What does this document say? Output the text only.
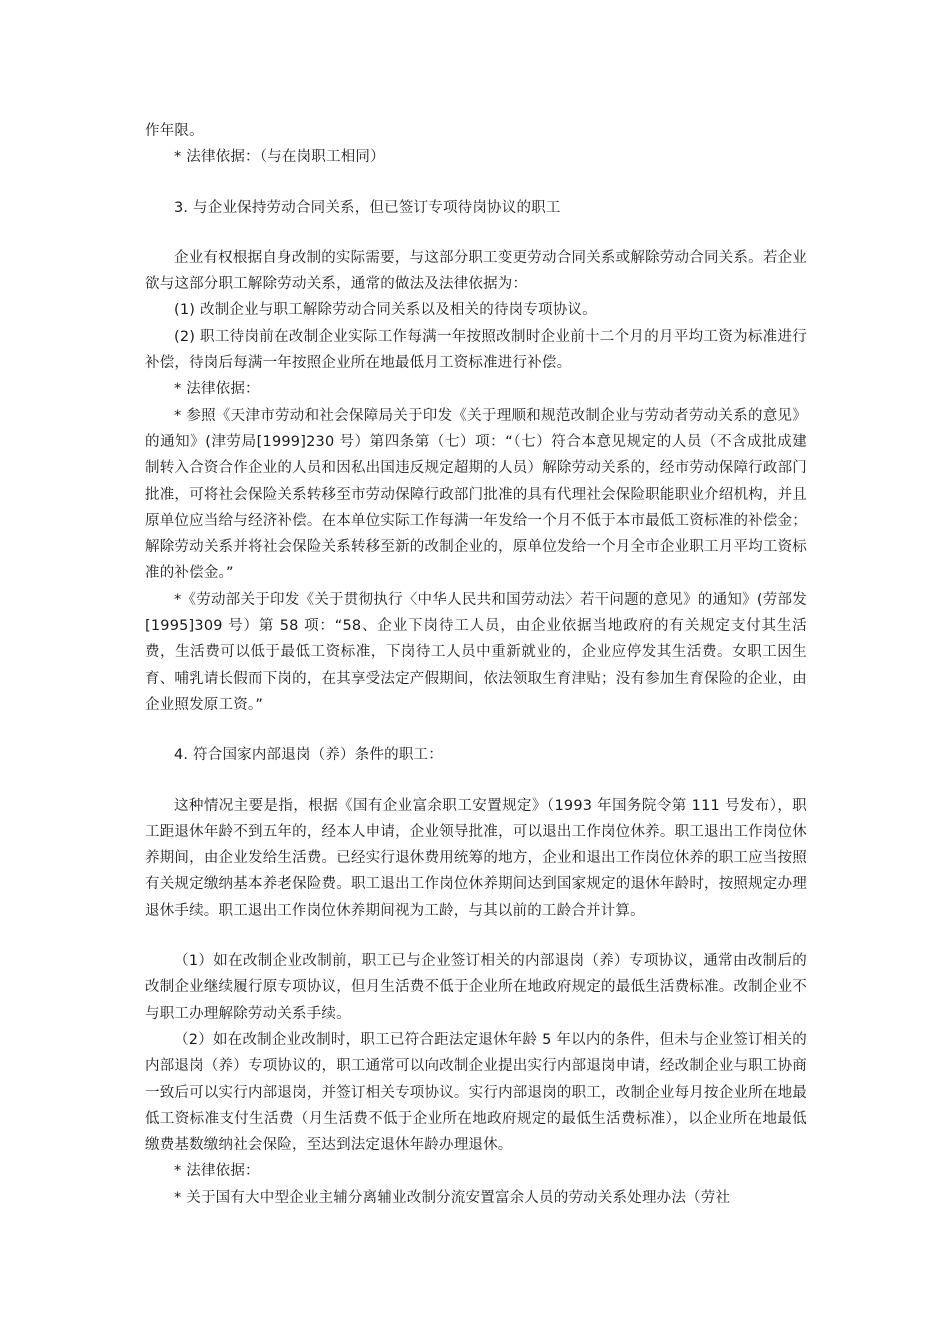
作年限。

* 法律依据：（与在岗职工相同）

3. 与企业保持劳动合同关系，但已签订专项待岗协议的职工

企业有权根据自身改制的实际需要，与这部分职工变更劳动合同关系或解除劳动合同关系。若企业欲与这部分职工解除劳动关系，通常的做法及法律依据为：

(1) 改制企业与职工解除劳动合同关系以及相关的待岗专项协议。

(2) 职工待岗前在改制企业实际工作每满一年按照改制时企业前十二个月的月平均工资为标准进行补偿，待岗后每满一年按照企业所在地最低月工资标准进行补偿。

* 法律依据：

* 参照《天津市劳动和社会保障局关于印发《关于理顺和规范改制企业与劳动者劳动关系的意见》的通知》(津劳局[1999]230 号）第四条第（七）项：“（七）符合本意见规定的人员（不含成批成建制转入合资合作企业的人员和因私出国违反规定超期的人员）解除劳动关系的，经市劳动保障行政部门批准，可将社会保险关系转移至市劳动保障行政部门批准的具有代理社会保险职能职业介绍机构，并且原单位应当给与经济补偿。在本单位实际工作每满一年发给一个月不低于本市最低工资标准的补偿金；解除劳动关系并将社会保险关系转移至新的改制企业的，原单位发给一个月全市企业职工月平均工资标准的补偿金。”

*《劳动部关于印发《关于贯彻执行〈中华人民共和国劳动法〉若干问题的意见》的通知》(劳部发[1995]309 号）第 58 项：“58、企业下岗待工人员，由企业依据当地政府的有关规定支付其生活费，生活费可以低于最低工资标准，下岗待工人员中重新就业的，企业应停发其生活费。女职工因生育、哺乳请长假而下岗的，在其享受法定产假期间，依法领取生育津贴；没有参加生育保险的企业，由企业照发原工资。”

4. 符合国家内部退岗（养）条件的职工：

这种情况主要是指，根据《国有企业富余职工安置规定》（1993 年国务院令第 111 号发布），职工距退休年龄不到五年的，经本人申请，企业领导批准，可以退出工作岗位休养。职工退出工作岗位休养期间，由企业发给生活费。已经实行退休费用统筹的地方，企业和退出工作岗位休养的职工应当按照有关规定缴纳基本养老保险费。职工退出工作岗位休养期间达到国家规定的退休年龄时，按照规定办理退休手续。职工退出工作岗位休养期间视为工龄，与其以前的工龄合并计算。

（1）如在改制企业改制前，职工已与企业签订相关的内部退岗（养）专项协议，通常由改制后的改制企业继续履行原专项协议，但月生活费不低于企业所在地政府规定的最低生活费标准。改制企业不与职工办理解除劳动关系手续。

（2）如在改制企业改制时，职工已符合距法定退休年龄 5 年以内的条件，但未与企业签订相关的内部退岗（养）专项协议的，职工通常可以向改制企业提出实行内部退岗申请，经改制企业与职工协商一致后可以实行内部退岗，并签订相关专项协议。实行内部退岗的职工，改制企业每月按企业所在地最低工资标准支付生活费（月生活费不低于企业所在地政府规定的最低生活费标准），以企业所在地最低缴费基数缴纳社会保险，至达到法定退休年龄办理退休。

* 法律依据：

* 关于国有大中型企业主辅分离辅业改制分流安置富余人员的劳动关系处理办法（劳社
